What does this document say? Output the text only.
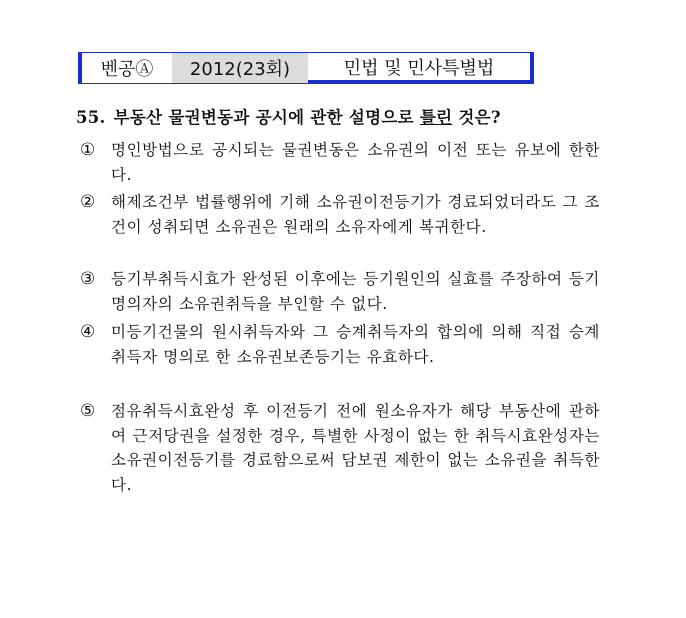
벤공Ⓐ	2012(23회)	민법 및 민사특별법
55. 부동산 물권변동과 공시에 관한 설명으로 틀린 것은?
① 명인방법으로 공시되는 물권변동은 소유권의 이전 또는 유보에 한한다.
② 해제조건부 법률행위에 기해 소유권이전등기가 경료되었더라도 그 조건이 성취되면 소유권은 원래의 소유자에게 복귀한다.
③ 등기부취득시효가 완성된 이후에는 등기원인의 실효를 주장하여 등기명의자의 소유권취득을 부인할 수 없다.
④ 미등기건물의 원시취득자와 그 승계취득자의 합의에 의해 직접 승계취득자 명의로 한 소유권보존등기는 유효하다.
⑤ 점유취득시효완성 후 이전등기 전에 원소유자가 해당 부동산에 관하여 근저당권을 설정한 경우, 특별한 사정이 없는 한 취득시효완성자는 소유권이전등기를 경료함으로써 담보권 제한이 없는 소유권을 취득한다.
